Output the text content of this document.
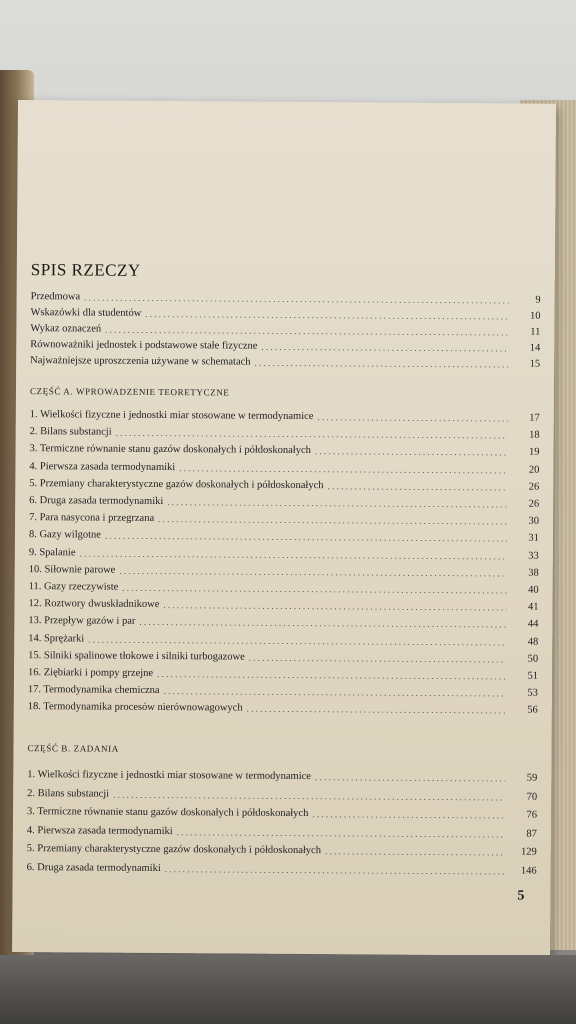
SPIS RZECZY
Przedmowa . . .	9
Wskazówki dla studentów . . .	10
Wykaz oznaczeń . . .	11
Równoważniki jednostek i podstawowe stałe fizyczne . . .	14
Najważniejsze uproszczenia używane w schematach . . .	15
CZĘŚĆ A. WPROWADZENIE TEORETYCZNE
1. Wielkości fizyczne i jednostki miar stosowane w termodynamice . . .	17
2. Bilans substancji . . .	18
3. Termiczne równanie stanu gazów doskonałych i półdoskonałych . . .	19
4. Pierwsza zasada termodynamiki . . .	20
5. Przemiany charakterystyczne gazów doskonałych i półdoskonałych . . .	26
6. Druga zasada termodynamiki . . .	26
7. Para nasycona i przegrzana . . .	30
8. Gazy wilgotne . . .	31
9. Spalanie . . .	33
10. Siłownie parowe . . .	38
11. Gazy rzeczywiste . . .	40
12. Roztwory dwuskładnikowe . . .	41
13. Przepływ gazów i par . . .	44
14. Sprężarki . . .	48
15. Silniki spalinowe tłokowe i silniki turbogazowe . . .	50
16. Ziębiarki i pompy grzejne . . .	51
17. Termodynamika chemiczna . . .	53
18. Termodynamika procesów nierównowagowych . . .	56
CZĘŚĆ B. ZADANIA
1. Wielkości fizyczne i jednostki miar stosowane w termodynamice . . .	59
2. Bilans substancji . . .	70
3. Termiczne równanie stanu gazów doskonałych i półdoskonałych . . .	76
4. Pierwsza zasada termodynamiki . . .	87
5. Przemiany charakterystyczne gazów doskonałych i półdoskonałych . . .	129
6. Druga zasada termodynamiki . . .	146
5
